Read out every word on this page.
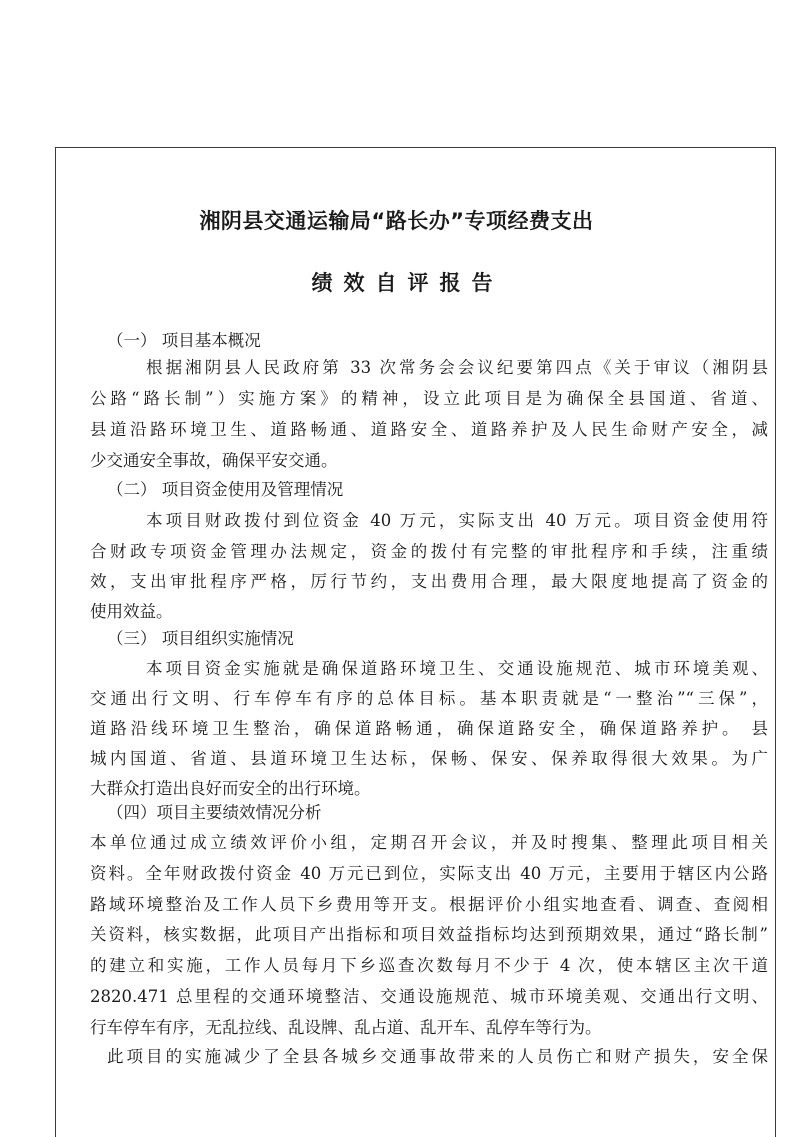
湘阴县交通运输局“路长办”专项经费支出
绩效自评报告
（一） 项目基本概况
根据湘阴县人民政府第 33 次常务会会议纪要第四点《关于审议（湘阴县
公路“路长制”）实施方案》的精神，设立此项目是为确保全县国道、省道、
县道沿路环境卫生、道路畅通、道路安全、道路养护及人民生命财产安全，减
少交通安全事故，确保平安交通。
（二） 项目资金使用及管理情况
本项目财政拨付到位资金 40 万元，实际支出 40 万元。项目资金使用符
合财政专项资金管理办法规定，资金的拨付有完整的审批程序和手续，注重绩
效，支出审批程序严格，厉行节约，支出费用合理，最大限度地提高了资金的
使用效益。
（三） 项目组织实施情况
本项目资金实施就是确保道路环境卫生、交通设施规范、城市环境美观、
交通出行文明、行车停车有序的总体目标。基本职责就是“一整治”“三保”，
道路沿线环境卫生整治，确保道路畅通，确保道路安全，确保道路养护。 县
城内国道、省道、县道环境卫生达标，保畅、保安、保养取得很大效果。为广
大群众打造出良好而安全的出行环境。
（四）项目主要绩效情况分析
本单位通过成立绩效评价小组，定期召开会议，并及时搜集、整理此项目相关
资料。全年财政拨付资金 40 万元已到位，实际支出 40 万元，主要用于辖区内公路
路域环境整治及工作人员下乡费用等开支。根据评价小组实地查看、调查、查阅相
关资料，核实数据，此项目产出指标和项目效益指标均达到预期效果，通过“路长制”
的建立和实施，工作人员每月下乡巡查次数每月不少于 4 次，使本辖区主次干道
2820.471 总里程的交通环境整洁、交通设施规范、城市环境美观、交通出行文明、
行车停车有序，无乱拉线、乱设牌、乱占道、乱开车、乱停车等行为。
此项目的实施减少了全县各城乡交通事故带来的人员伤亡和财产损失，安全保
